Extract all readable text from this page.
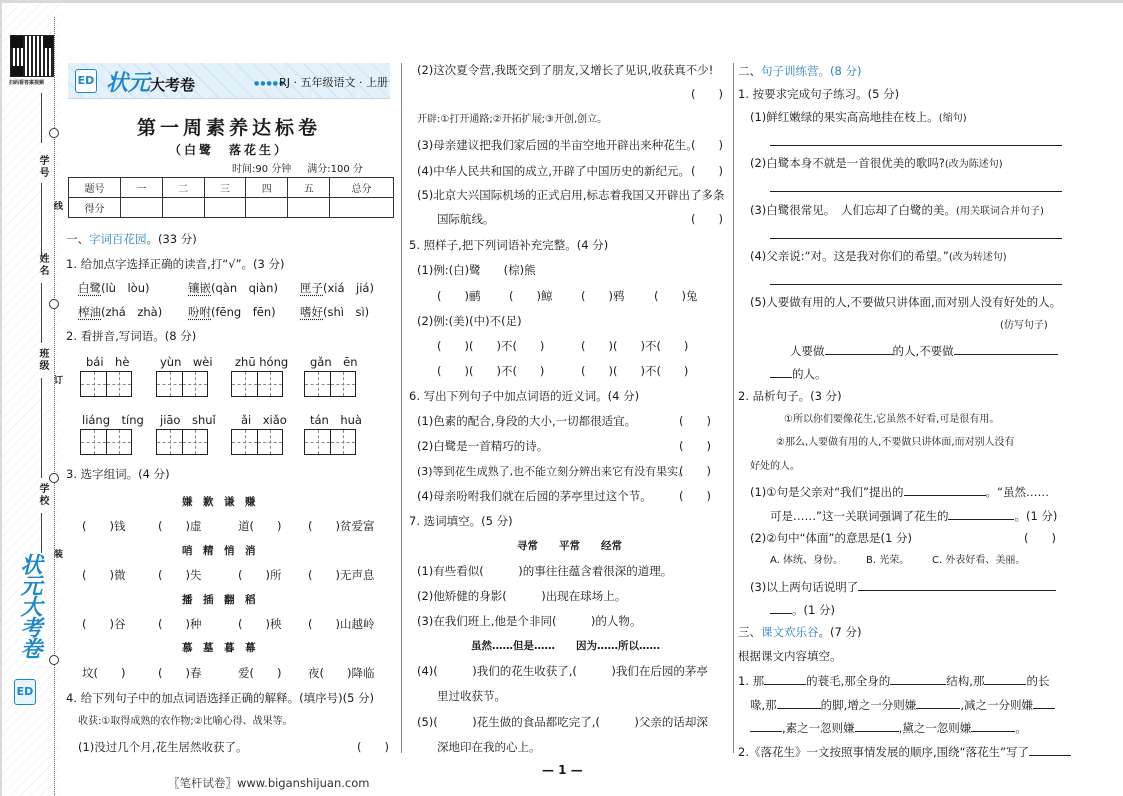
扫码看答案视频
学号
姓名
班级
学校
线
订
装
状元大考卷
ED
ED 状元大考卷	●●●●●
RJ · 五年级语文 · 上册
第一周素养达标卷
（白鹭　落花生）
时间:90 分钟 满分:100 分
题号	一	二	三	四	五	总分
得分						
一、字词百花园。(33 分)
1. 给加点字选择正确的读音,打“√”。(3 分)
白鹭(lù　lòu)	镶嵌(qàn　qiàn) 匣子(xiá　jiá)
榨油(zhá　zhà) 吩咐(fēng　fēn) 嗜好(shì　sì)
2. 看拼音,写词语。(8 分)
bái　hè	yùn　wèi zhū hóng gǎn　ēn
liáng　tíng jiāo　shuǐ ǎi　xiǎo tán　huà
3. 选字组词。(4 分)
嫌　歉　谦　赚
(　　)钱	(　　)虚	道(　　) (　　)贫爱富
哨　精　悄　消
(　　)微	(　　)失	(　　)所 (　　)无声息
播　插　翻　稻
(　　)谷	(　　)种	(　　)秧 (　　)山越岭
慕　墓　暮　幕
坟(　　)	(　　)春	爱(　　) 夜(　　)降临
4. 给下列句子中的加点词语选择正确的解释。(填序号)(5 分)
收获:①取得成熟的农作物;②比喻心得、战果等。
(1)没过几个月,花生居然收获了。	(　　)
(2)这次夏令营,我既交到了朋友,又增长了见识,收获真不少!
(　　)
开辟:①打开通路;②开拓扩展;③开创,创立。
(3)母亲建议把我们家后园的半亩空地开辟出来种花生。
(　　)
(4)中华人民共和国的成立,开辟了中国历史的新纪元。 (　　)
(5)北京大兴国际机场的正式启用,标志着我国又开辟出了多条
国际航线。	(　　)
5. 照样子,把下列词语补充完整。(4 分)
(1)例:(白)鹭　　(棕)熊
(　　)鹂 (　　)鲸 (　　)鸦	(　　)兔
(2)例:(美)(中)不(足)
(　　)(　　)不(　　)	(　　)(　　)不(　　)
(　　)(　　)不(　　)	(　　)(　　)不(　　)
6. 写出下列句子中加点词语的近义词。(4 分)
(1)色素的配合,身段的大小,一切都很适宜。	(　　)
(2)白鹭是一首精巧的诗。	(　　)
(3)等到花生成熟了,也不能立刻分辨出来它有没有果实。
(　　)
(4)母亲吩咐我们就在后园的茅亭里过这个节。 (　　)
7. 选词填空。(5 分)
寻常　　平常　　经常
(1)有些看似(　　　)的事往往蕴含着很深的道理。
(2)他矫健的身影(　　　)出现在球场上。
(3)在我们班上,他是个非同(　　　)的人物。
虽然……但是……　　因为……所以……
(4)(　　　)我们的花生收获了,(　　　)我们在后园的茅亭
里过收获节。
(5)(　　　)花生做的食品都吃完了,(　　　)父亲的话却深
深地印在我的心上。
二、句子训练营。(8 分)
1. 按要求完成句子练习。(5 分)
(1)鲜红嫩绿的果实高高地挂在枝上。(缩句)
(2)白鹭本身不就是一首很优美的歌吗?(改为陈述句)
(3)白鹭很常见。　人们忘却了白鹭的美。(用关联词合并句子)
(4)父亲说:“对。这是我对你们的希望。”(改为转述句)
(5)人要做有用的人,不要做只讲体面,而对别人没有好处的人。
(仿写句子)
人要做	的人,不要做
的人。
2. 品析句子。(3 分)
①所以你们要像花生,它虽然不好看,可是很有用。
②那么,人要做有用的人,不要做只讲体面,而对别人没有
好处的人。
(1)①句是父亲对“我们”提出的	。“虽然……
可是……”这一关联词强调了花生的	。(1 分)
(2)②句中“体面”的意思是(1 分)	(　　)
A. 体统、身份。 B. 光荣。 C. 外表好看、美丽。
(3)以上两句话说明了
。(1 分)
三、课文欢乐谷。(7 分)
根据课文内容填空。
1. 那	的蓑毛,那全身的	结构,那	的长
喙,那	的脚,增之一分则嫌	,减之一分则嫌
,素之一忽则嫌	,黛之一忽则嫌	。
2.《落花生》一文按照事情发展的顺序,围绕“落花生”写了
— 1 —
〖笔杆试卷〗www.biganshijuan.com
